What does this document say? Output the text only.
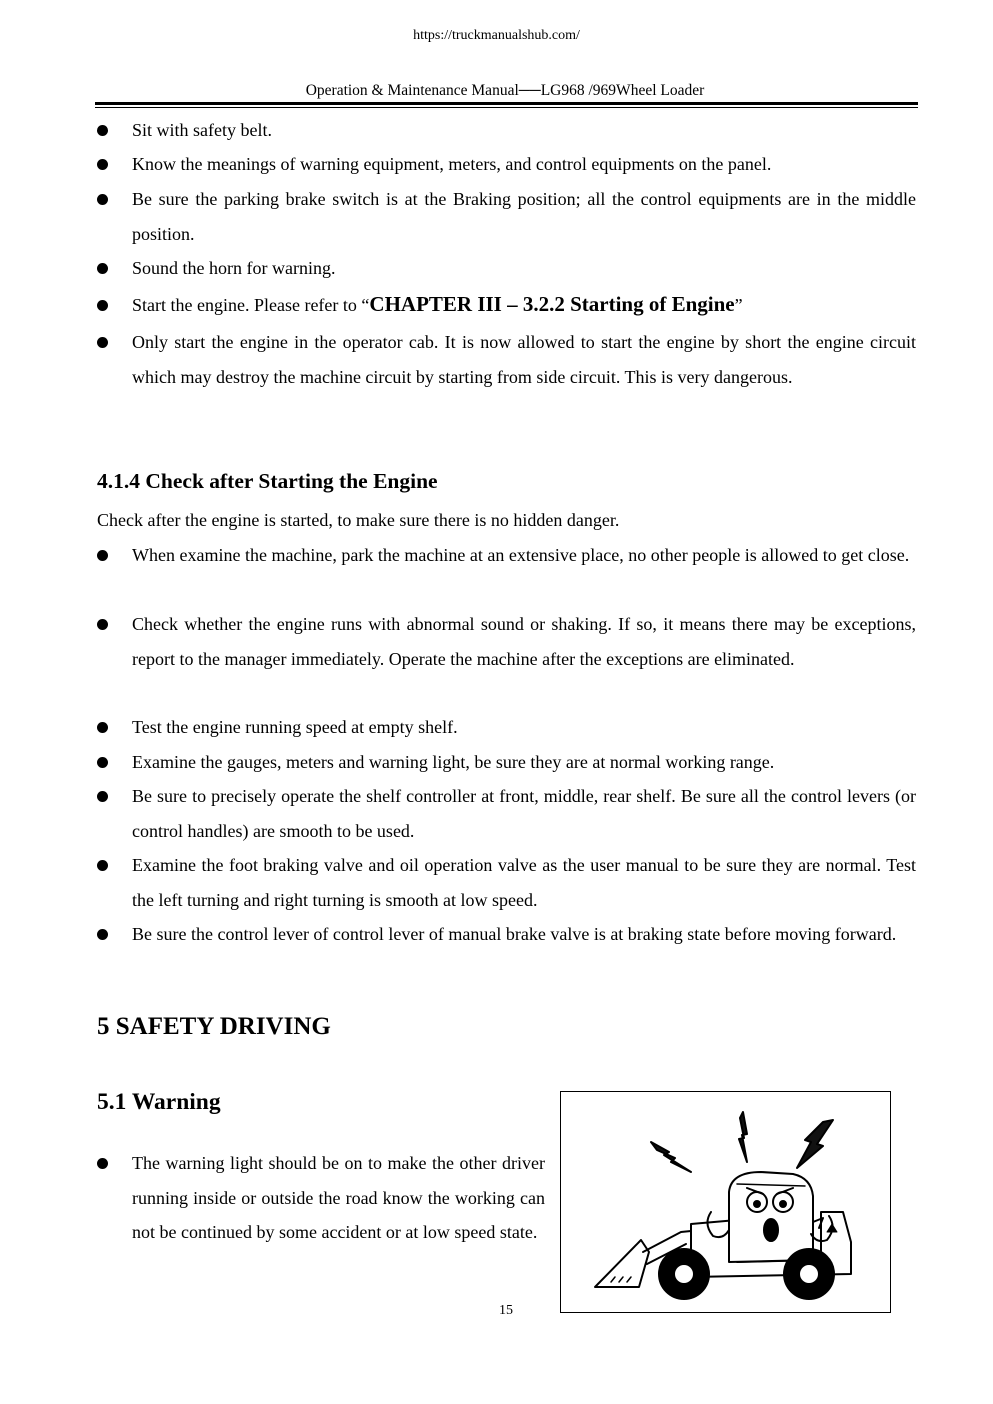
https://truckmanualshub.com/
Operation & Maintenance Manual──LG968 /969Wheel Loader
Sit with safety belt.
Know the meanings of warning equipment, meters, and control equipments on the panel.
Be sure the parking brake switch is at the Braking position; all the control equipments are in the middle position.
Sound the horn for warning.
Start the engine. Please refer to “CHAPTER III – 3.2.2 Starting of Engine”
Only start the engine in the operator cab. It is now allowed to start the engine by short the engine circuit which may destroy the machine circuit by starting from side circuit. This is very dangerous.
4.1.4 Check after Starting the Engine
Check after the engine is started, to make sure there is no hidden danger.
When examine the machine, park the machine at an extensive place, no other people is allowed to get close.
Check whether the engine runs with abnormal sound or shaking. If so, it means there may be exceptions, report to the manager immediately. Operate the machine after the exceptions are eliminated.
Test the engine running speed at empty shelf.
Examine the gauges, meters and warning light, be sure they are at normal working range.
Be sure to precisely operate the shelf controller at front, middle, rear shelf. Be sure all the control levers (or control handles) are smooth to be used.
Examine the foot braking valve and oil operation valve as the user manual to be sure they are normal. Test the left turning and right turning is smooth at low speed.
Be sure the control lever of control lever of manual brake valve is at braking state before moving forward.
5 SAFETY DRIVING
5.1 Warning
The warning light should be on to make the other driver running inside or outside the road know the working can not be continued by some accident or at low speed state.
15
